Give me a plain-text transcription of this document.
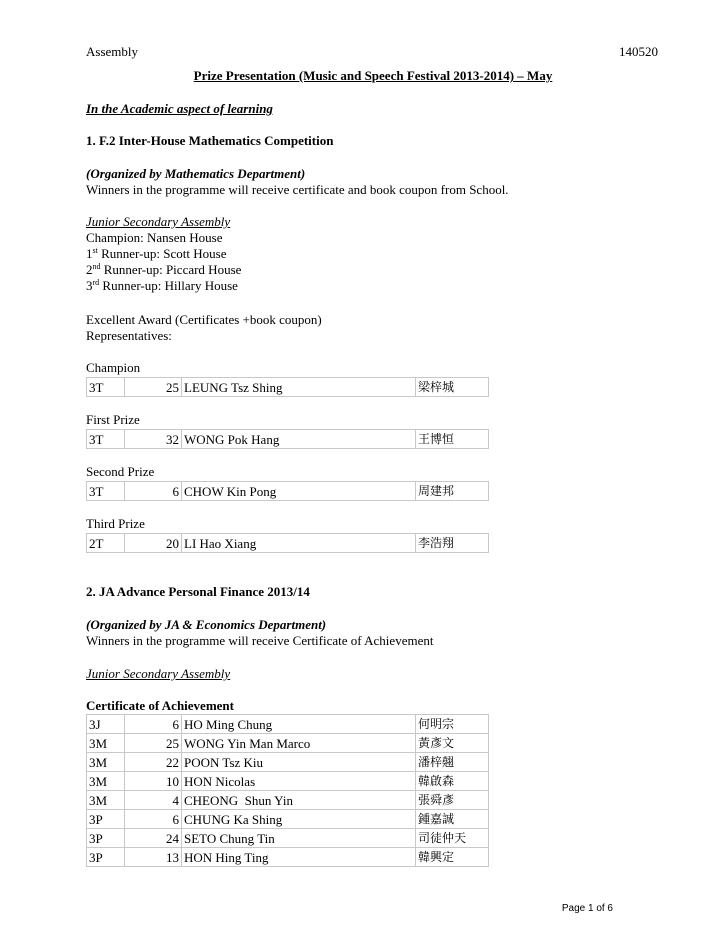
Assembly	140520
Prize Presentation (Music and Speech Festival 2013-2014) – May
In the Academic aspect of learning
1. F.2 Inter-House Mathematics Competition
(Organized by Mathematics Department)
Winners in the programme will receive certificate and book coupon from School.
Junior Secondary Assembly
Champion: Nansen House
1st Runner-up: Scott House
2nd Runner-up: Piccard House
3rd Runner-up: Hillary House
Excellent Award (Certificates +book coupon)
Representatives:
Champion
3T	25	LEUNG Tsz Shing	梁梓城
First Prize
3T	32	WONG Pok Hang	王博恒
Second Prize
3T	6	CHOW Kin Pong	周建邦
Third Prize
2T	20	LI Hao Xiang	李浩翔
2. JA Advance Personal Finance 2013/14
(Organized by JA & Economics Department)
Winners in the programme will receive Certificate of Achievement
Junior Secondary Assembly
Certificate of Achievement
3J	6	HO Ming Chung	何明宗
3M	25	WONG Yin Man Marco	黃彥文
3M	22	POON Tsz Kiu	潘梓翹
3M	10	HON Nicolas	韓啟森
3M	4	CHEONG  Shun Yin	張舜彥
3P	6	CHUNG Ka Shing	鍾嘉誠
3P	24	SETO Chung Tin	司徒仲天
3P	13	HON Hing Ting	韓興定
Page 1 of 6
